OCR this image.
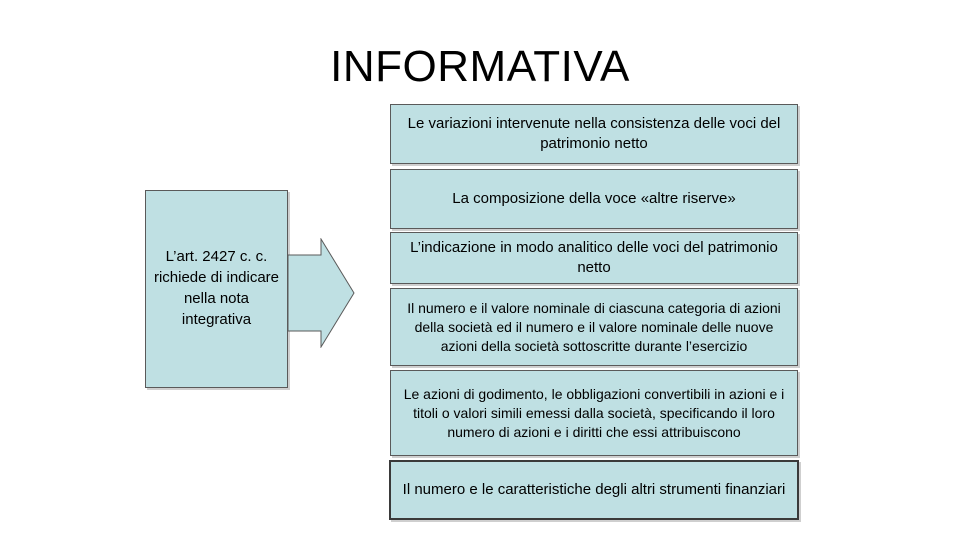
INFORMATIVA
L’art. 2427 c. c. richiede di indicare nella nota integrativa
Le variazioni intervenute nella consistenza delle voci del patrimonio netto
La composizione della voce «altre riserve»
L’indicazione in modo analitico delle voci del patrimonio netto
Il numero e il valore nominale di ciascuna categoria di azioni della società ed il numero e il valore nominale delle nuove azioni della società sottoscritte durante l’esercizio
Le azioni di godimento, le obbligazioni convertibili in azioni e i titoli o valori simili emessi dalla società, specificando il loro numero di azioni e i diritti che essi attribuiscono
Il numero e le caratteristiche degli altri strumenti finanziari
